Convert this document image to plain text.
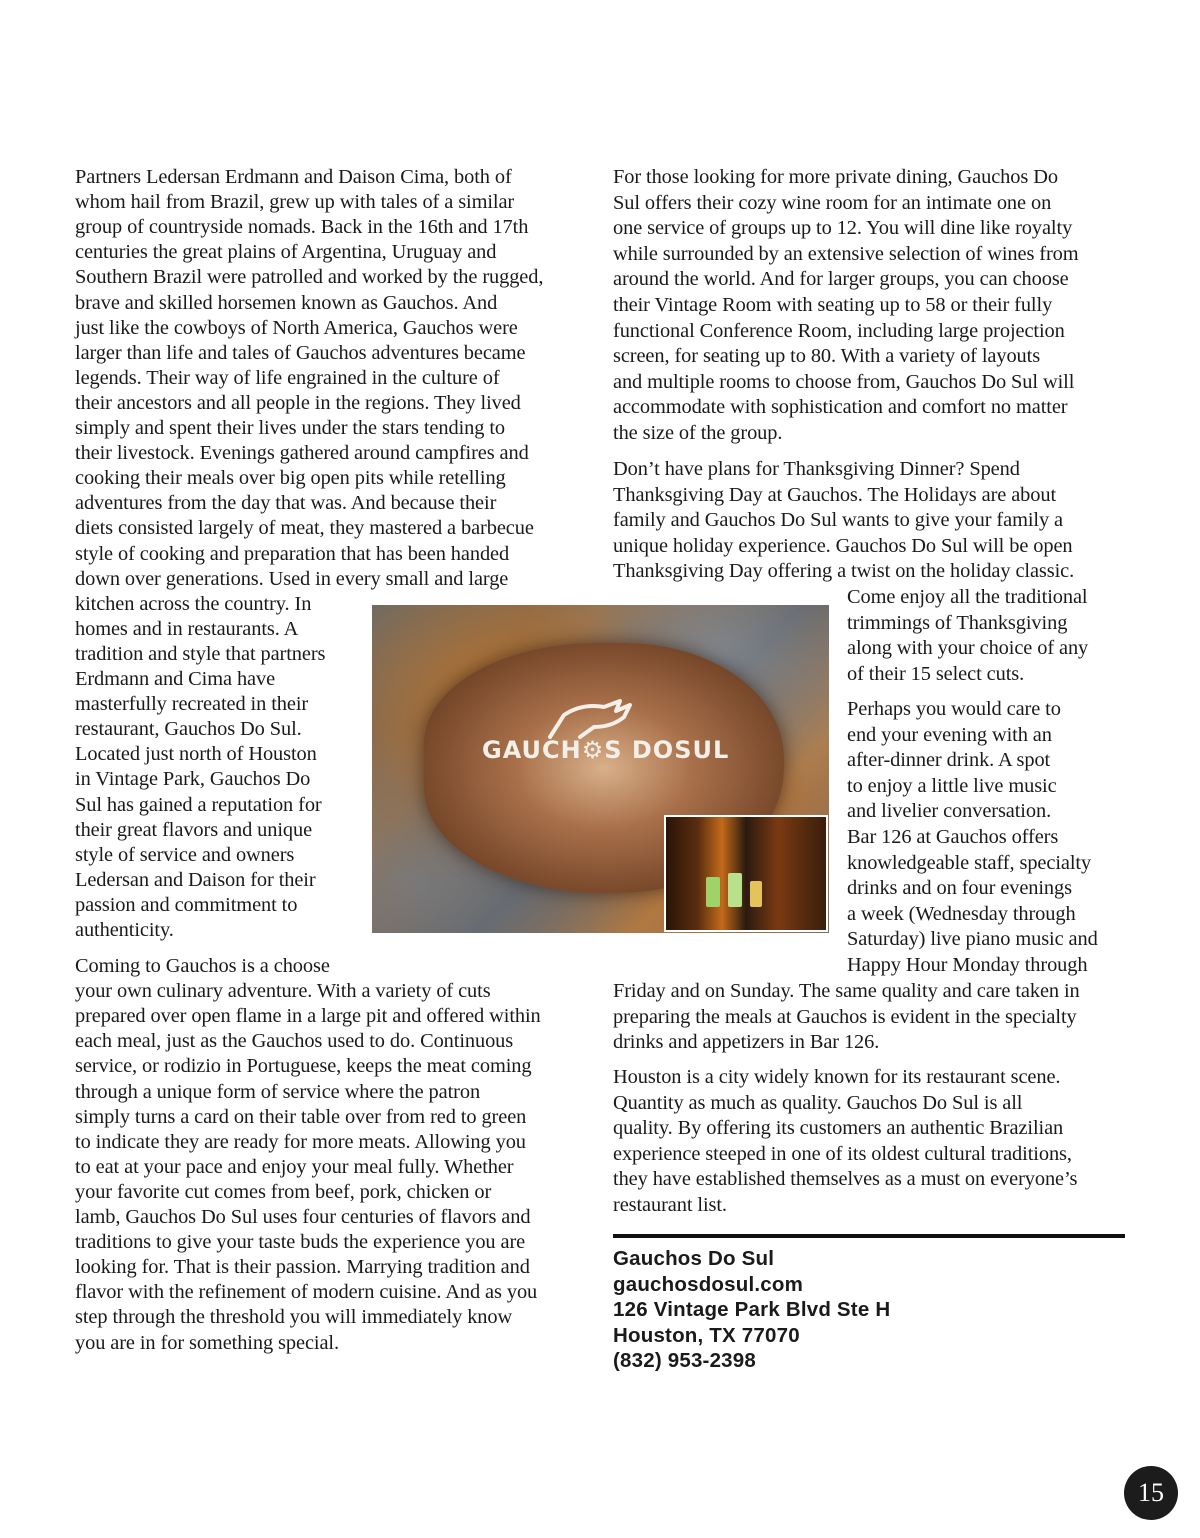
Partners Ledersan Erdmann and Daison Cima, both of
whom hail from Brazil, grew up with tales of a similar
group of countryside nomads. Back in the 16th and 17th
centuries the great plains of Argentina, Uruguay and
Southern Brazil were patrolled and worked by the rugged,
brave and skilled horsemen known as Gauchos. And
just like the cowboys of North America, Gauchos were
larger than life and tales of Gauchos adventures became
legends. Their way of life engrained in the culture of
their ancestors and all people in the regions. They lived
simply and spent their lives under the stars tending to
their livestock. Evenings gathered around campfires and
cooking their meals over big open pits while retelling
adventures from the day that was. And because their
diets consisted largely of meat, they mastered a barbecue
style of cooking and preparation that has been handed
down over generations. Used in every small and large
kitchen across the country. In
homes and in restaurants. A
tradition and style that partners
Erdmann and Cima have
masterfully recreated in their
restaurant, Gauchos Do Sul.
Located just north of Houston
in Vintage Park, Gauchos Do
Sul has gained a reputation for
their great flavors and unique
style of service and owners
Ledersan and Daison for their
passion and commitment to
authenticity.
Coming to Gauchos is a choose
your own culinary adventure. With a variety of cuts
prepared over open flame in a large pit and offered within
each meal, just as the Gauchos used to do. Continuous
service, or rodizio in Portuguese, keeps the meat coming
through a unique form of service where the patron
simply turns a card on their table over from red to green
to indicate they are ready for more meats. Allowing you
to eat at your pace and enjoy your meal fully. Whether
your favorite cut comes from beef, pork, chicken or
lamb, Gauchos Do Sul uses four centuries of flavors and
traditions to give your taste buds the experience you are
looking for. That is their passion. Marrying tradition and
flavor with the refinement of modern cuisine. And as you
step through the threshold you will immediately know
you are in for something special.
For those looking for more private dining, Gauchos Do
Sul offers their cozy wine room for an intimate one on
one service of groups up to 12. You will dine like royalty
while surrounded by an extensive selection of wines from
around the world. And for larger groups, you can choose
their Vintage Room with seating up to 58 or their fully
functional Conference Room, including large projection
screen, for seating up to 80. With a variety of layouts
and multiple rooms to choose from, Gauchos Do Sul will
accommodate with sophistication and comfort no matter
the size of the group.
Don’t have plans for Thanksgiving Dinner? Spend
Thanksgiving Day at Gauchos. The Holidays are about
family and Gauchos Do Sul wants to give your family a
unique holiday experience. Gauchos Do Sul will be open
Thanksgiving Day offering a twist on the holiday classic.
Come enjoy all the traditional
trimmings of Thanksgiving
along with your choice of any
of their 15 select cuts.
Perhaps you would care to
end your evening with an
after-dinner drink. A spot
to enjoy a little live music
and livelier conversation.
Bar 126 at Gauchos offers
knowledgeable staff, specialty
drinks and on four evenings
a week (Wednesday through
Saturday) live piano music and
Happy Hour Monday through
Friday and on Sunday. The same quality and care taken in
preparing the meals at Gauchos is evident in the specialty
drinks and appetizers in Bar 126.
Houston is a city widely known for its restaurant scene.
Quantity as much as quality. Gauchos Do Sul is all
quality. By offering its customers an authentic Brazilian
experience steeped in one of its oldest cultural traditions,
they have established themselves as a must on everyone’s
restaurant list.
GAUCH⚙S DOSUL
Gauchos Do Sul
gauchosdosul.com
126 Vintage Park Blvd Ste H
Houston, TX 77070
(832) 953-2398
15
